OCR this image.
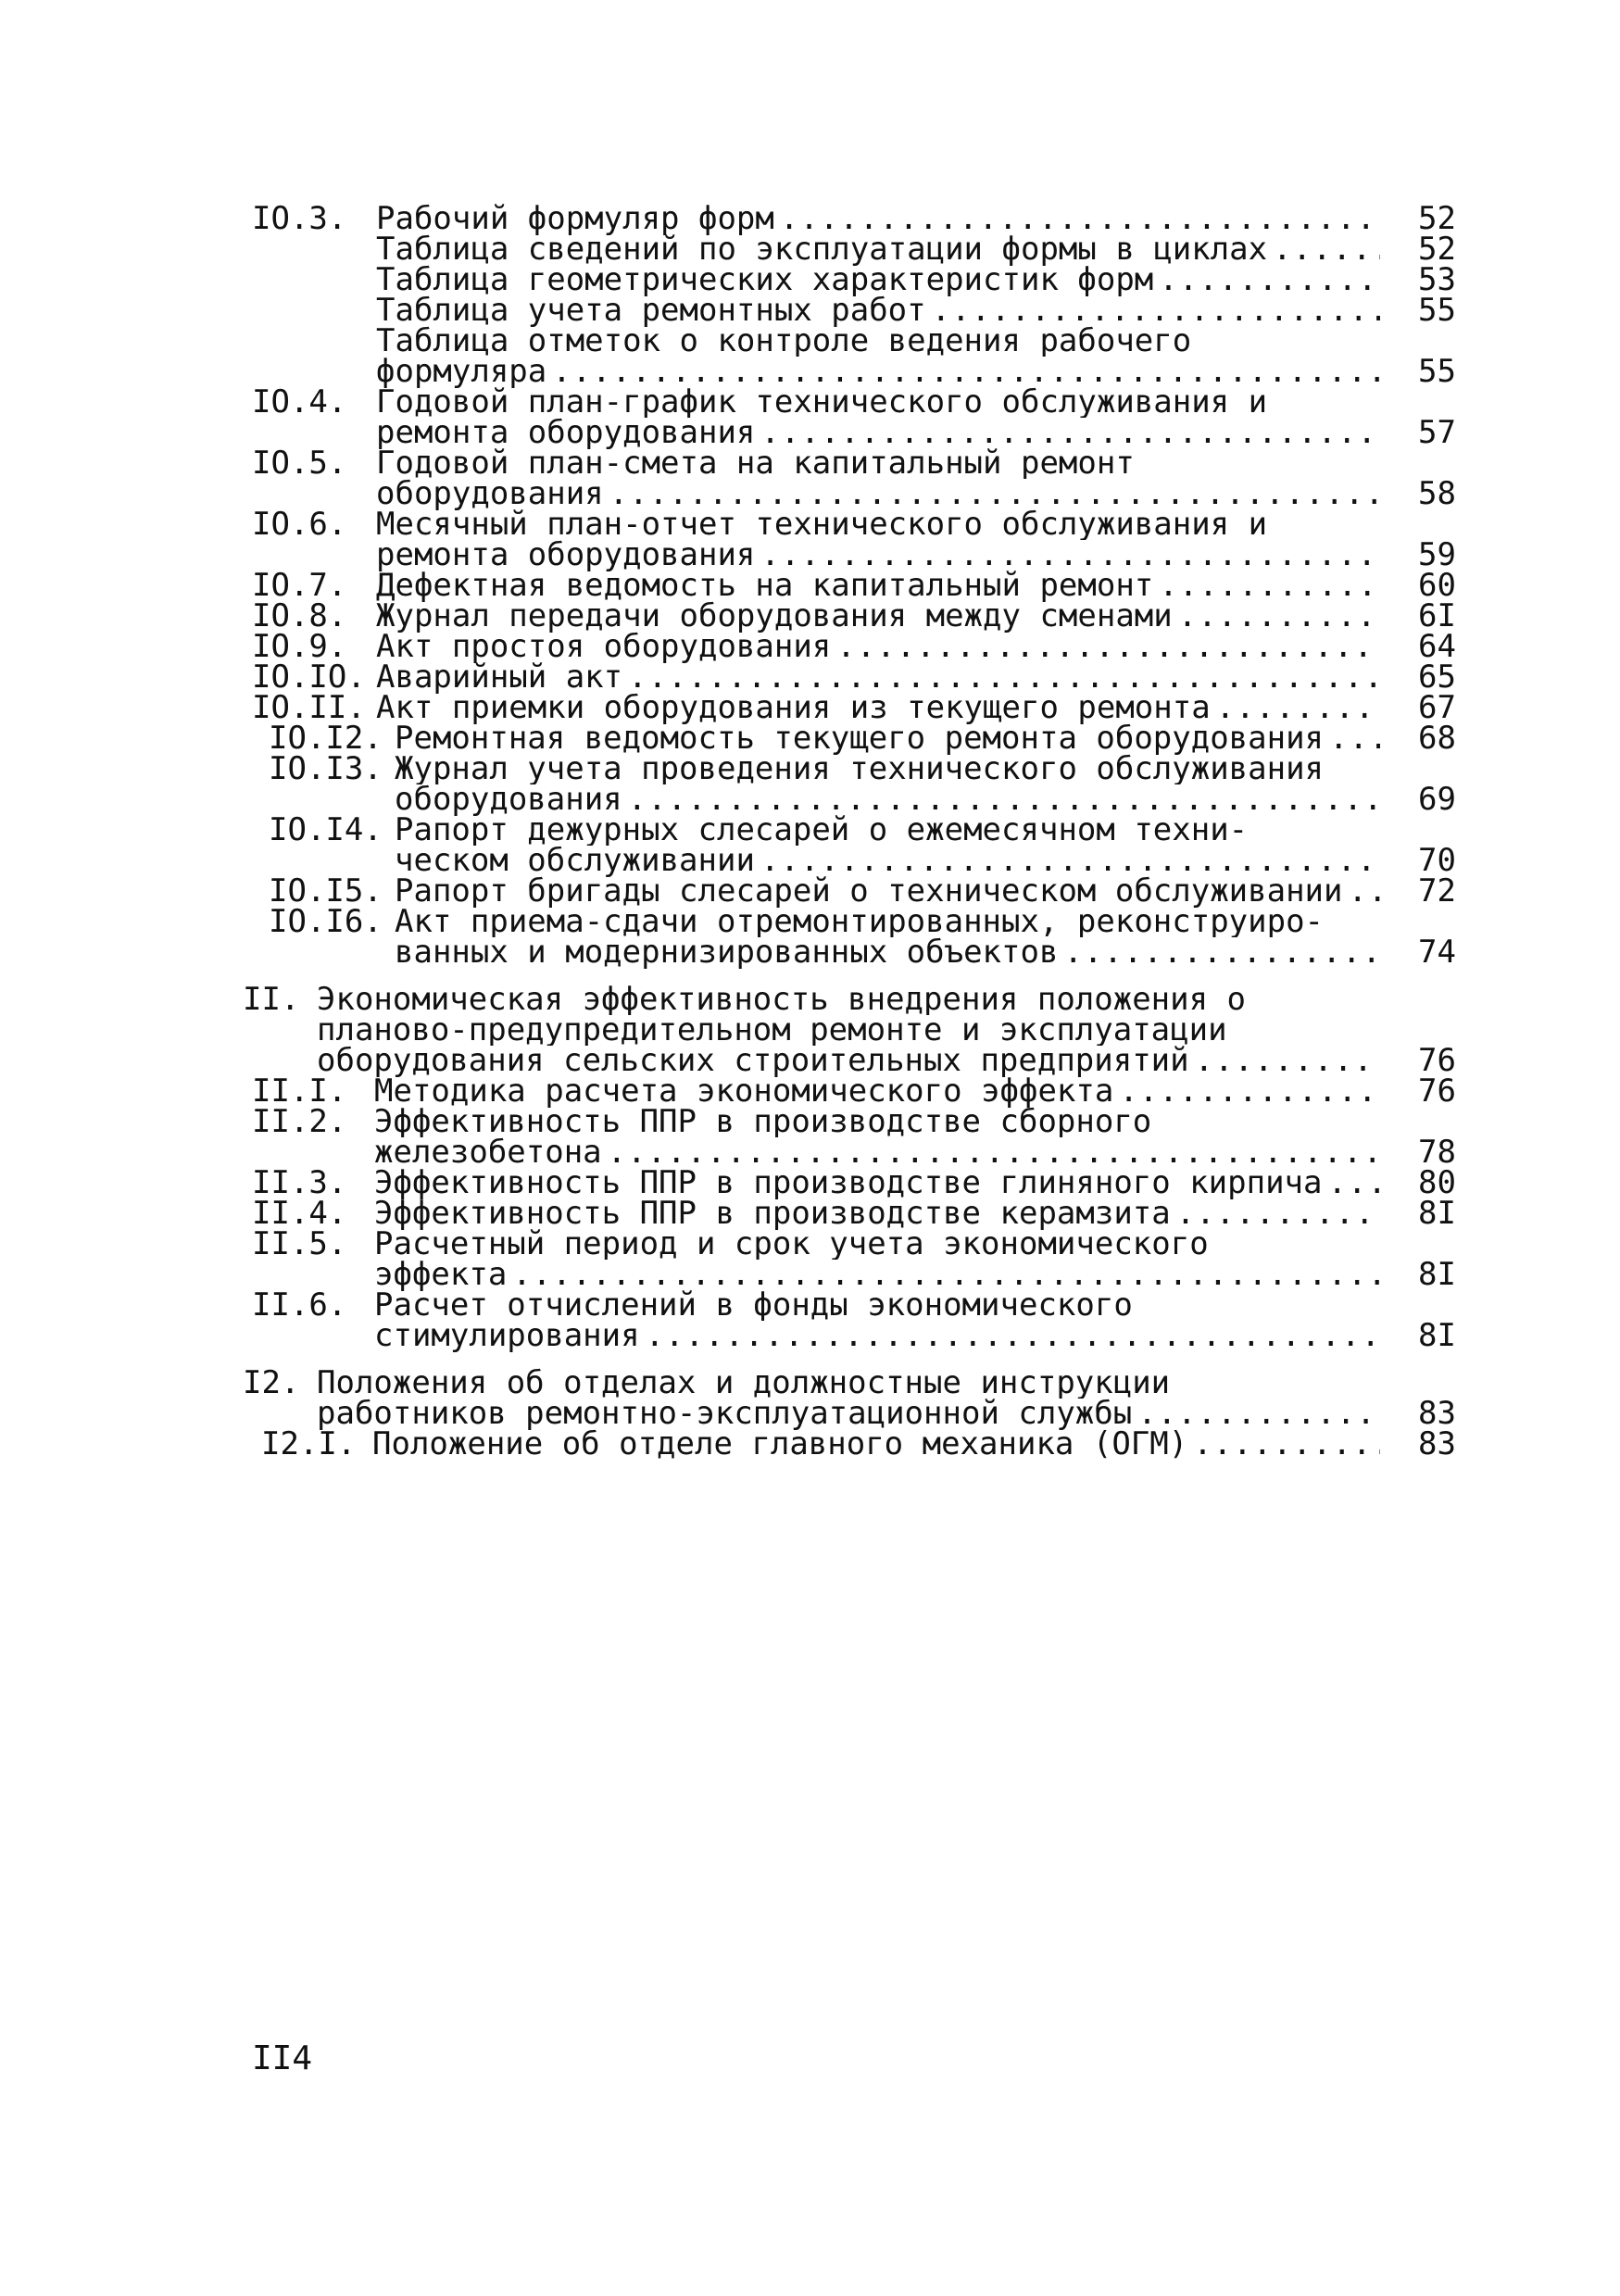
IO.3. Рабочий формуляр форм .....	52
Таблица сведений по эксплуатации формы в циклах .....	52
Таблица геометрических характеристик форм .....	53
Таблица учета ремонтных работ .....	55
Таблица отметок о контроле ведения рабочего
формуляра .....	55
IO.4. Годовой план-график технического обслуживания и
ремонта оборудования .....	57
IO.5. Годовой план-смета на капитальный ремонт
оборудования .....	58
IO.6. Месячный план-отчет технического обслуживания и
ремонта оборудования .....	59
IO.7. Дефектная ведомость на капитальный ремонт .....	60
IO.8. Журнал передачи оборудования между сменами .....	6I
IO.9. Акт простоя оборудования .....	64
IO.IO. Аварийный акт .....	65
IO.II. Акт приемки оборудования из текущего ремонта .....	67
IO.I2. Ремонтная ведомость текущего ремонта оборудования .....	68
IO.I3. Журнал учета проведения технического обслуживания
оборудования .....	69
IO.I4. Рапорт дежурных слесарей о ежемесячном техни-
ческом обслуживании .....	70
IO.I5. Рапорт бригады слесарей о техническом обслуживании .....	72
IO.I6. Акт приема-сдачи отремонтированных, реконструиро-
ванных и модернизированных объектов .....	74
II. Экономическая эффективность внедрения положения о
планово-предупредительном ремонте и эксплуатации
оборудования сельских строительных предприятий .....	76
II.I. Методика расчета экономического эффекта .....	76
II.2. Эффективность ППР в производстве сборного
железобетона .....	78
II.3. Эффективность ППР в производстве глиняного кирпича .....	80
II.4. Эффективность ППР в производстве керамзита .....	8I
II.5. Расчетный период и срок учета экономического
эффекта .....	8I
II.6. Расчет отчислений в фонды экономического
стимулирования .....	8I
I2. Положения об отделах и должностные инструкции
работников ремонтно-эксплуатационной службы .....	83
I2.I. Положение об отделе главного механика (ОГМ) .....	83
II4
